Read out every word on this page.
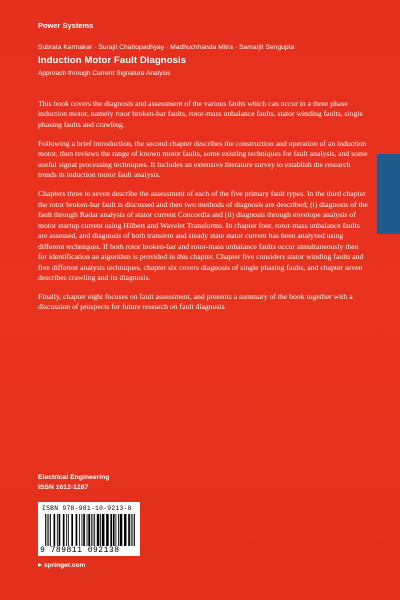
Power Systems
Subrata Karmakar · Surajit Chattopadhyay · Madhuchhanda Mitra · Samarjit Sengupta
Induction Motor Fault Diagnosis
Approach through Current Signature Analysis

This book covers the diagnosis and assessment of the various faults which can occur in a three phase induction motor, namely rotor broken-bar faults, rotor-mass unbalance faults, stator winding faults, single phasing faults and crawling.

Following a brief introduction, the second chapter describes the construction and operation of an induction motor, then reviews the range of known motor faults, some existing techniques for fault analysis, and some useful signal processing techniques. It includes an extensive literature survey to establish the research trends in induction motor fault analysis.

Chapters three to seven describe the assessment of each of the five primary fault types. In the third chapter the rotor broken-bar fault is discussed and then two methods of diagnosis are described; (i) diagnosis of the fault through Radar analysis of stator current Concordia and (ii) diagnosis through envelope analysis of motor startup current using Hilbert and Wavelet Transforms. In chapter four, rotor-mass unbalance faults are assessed, and diagnosis of both transient and steady state stator current has been analyzed using different techniques. If both rotor broken-bar and rotor-mass unbalance faults occur simultaneously then for identification an algorithm is provided in this chapter. Chapter five considers stator winding faults and five different analysis techniques, chapter six covers diagnosis of single phasing faults, and chapter seven describes crawling and its diagnosis.

Finally, chapter eight focuses on fault assessment, and presents a summary of the book together with a discussion of prospects for future research on fault diagnosis.

Electrical Engineering
ISSN 1612-1287
ISBN 978-981-10-9213-8
9 789811 092138
springer.com
